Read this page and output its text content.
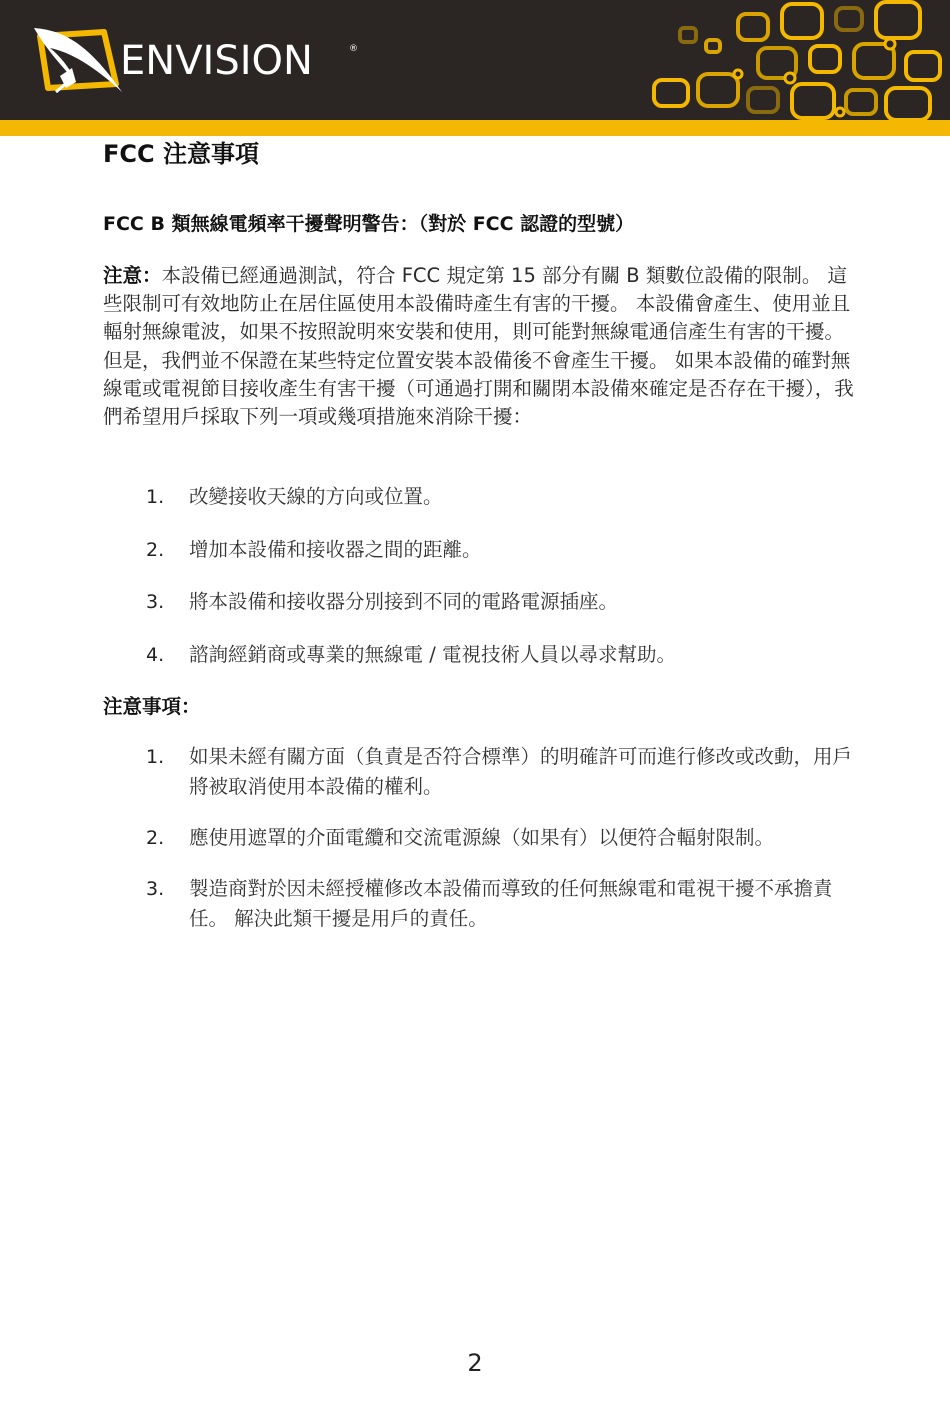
ENVISION	®
FCC 注意事項
FCC B 類無線電頻率干擾聲明警告：（對於 FCC 認證的型號）

注意：本設備已經通過測試，符合 FCC 規定第 15 部分有關 B 類數位設備的限制。 這些限制可有效地防止在居住區使用本設備時產生有害的干擾。 本設備會產生、使用並且輻射無線電波，如果不按照說明來安裝和使用，則可能對無線電通信產生有害的干擾。 但是，我們並不保證在某些特定位置安裝本設備後不會產生干擾。 如果本設備的確對無線電或電視節目接收產生有害干擾（可通過打開和關閉本設備來確定是否存在干擾），我們希望用戶採取下列一項或幾項措施來消除干擾：

1. 改變接收天線的方向或位置。
2. 增加本設備和接收器之間的距離。
3. 將本設備和接收器分別接到不同的電路電源插座。
4. 諮詢經銷商或專業的無線電 / 電視技術人員以尋求幫助。
注意事項：
1. 如果未經有關方面（負責是否符合標準）的明確許可而進行修改或改動，用戶將被取消使用本設備的權利。
2. 應使用遮罩的介面電纜和交流電源線（如果有）以便符合輻射限制。
3. 製造商對於因未經授權修改本設備而導致的任何無線電和電視干擾不承擔責任。 解決此類干擾是用戶的責任。
2
